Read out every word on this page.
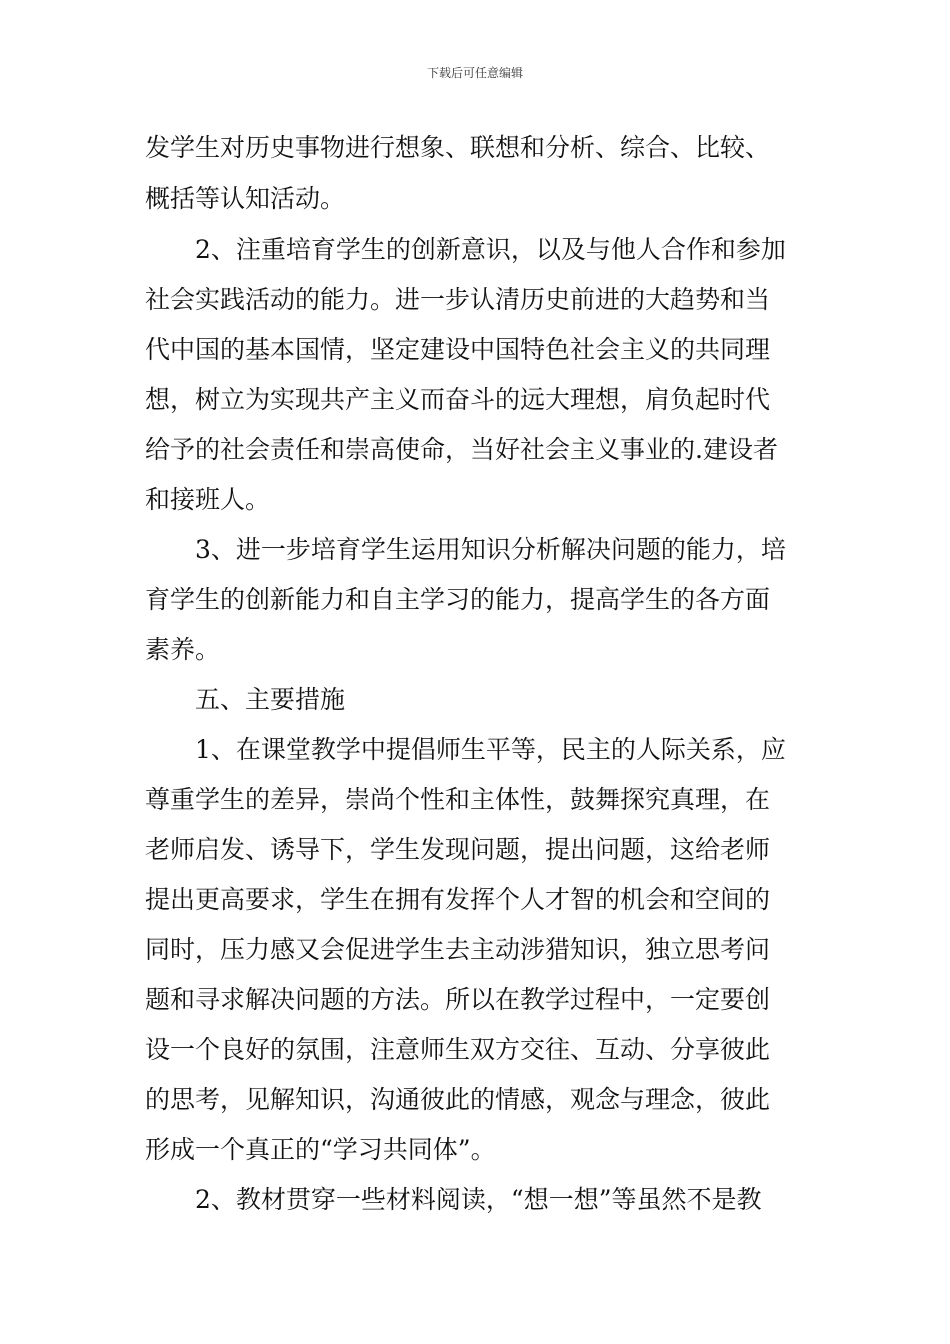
下载后可任意编辑
发学生对历史事物进行想象、联想和分析、综合、比较、
概括等认知活动。
2、注重培育学生的创新意识，以及与他人合作和参加
社会实践活动的能力。进一步认清历史前进的大趋势和当
代中国的基本国情，坚定建设中国特色社会主义的共同理
想，树立为实现共产主义而奋斗的远大理想，肩负起时代
给予的社会责任和崇高使命，当好社会主义事业的.建设者
和接班人。
3、进一步培育学生运用知识分析解决问题的能力，培
育学生的创新能力和自主学习的能力，提高学生的各方面
素养。
五、主要措施
1、在课堂教学中提倡师生平等，民主的人际关系，应
尊重学生的差异，崇尚个性和主体性，鼓舞探究真理，在
老师启发、诱导下，学生发现问题，提出问题，这给老师
提出更高要求，学生在拥有发挥个人才智的机会和空间的
同时，压力感又会促进学生去主动涉猎知识，独立思考问
题和寻求解决问题的方法。所以在教学过程中，一定要创
设一个良好的氛围，注意师生双方交往、互动、分享彼此
的思考，见解知识，沟通彼此的情感，观念与理念，彼此
形成一个真正的“学习共同体”。
2、教材贯穿一些材料阅读，“想一想”等虽然不是教
